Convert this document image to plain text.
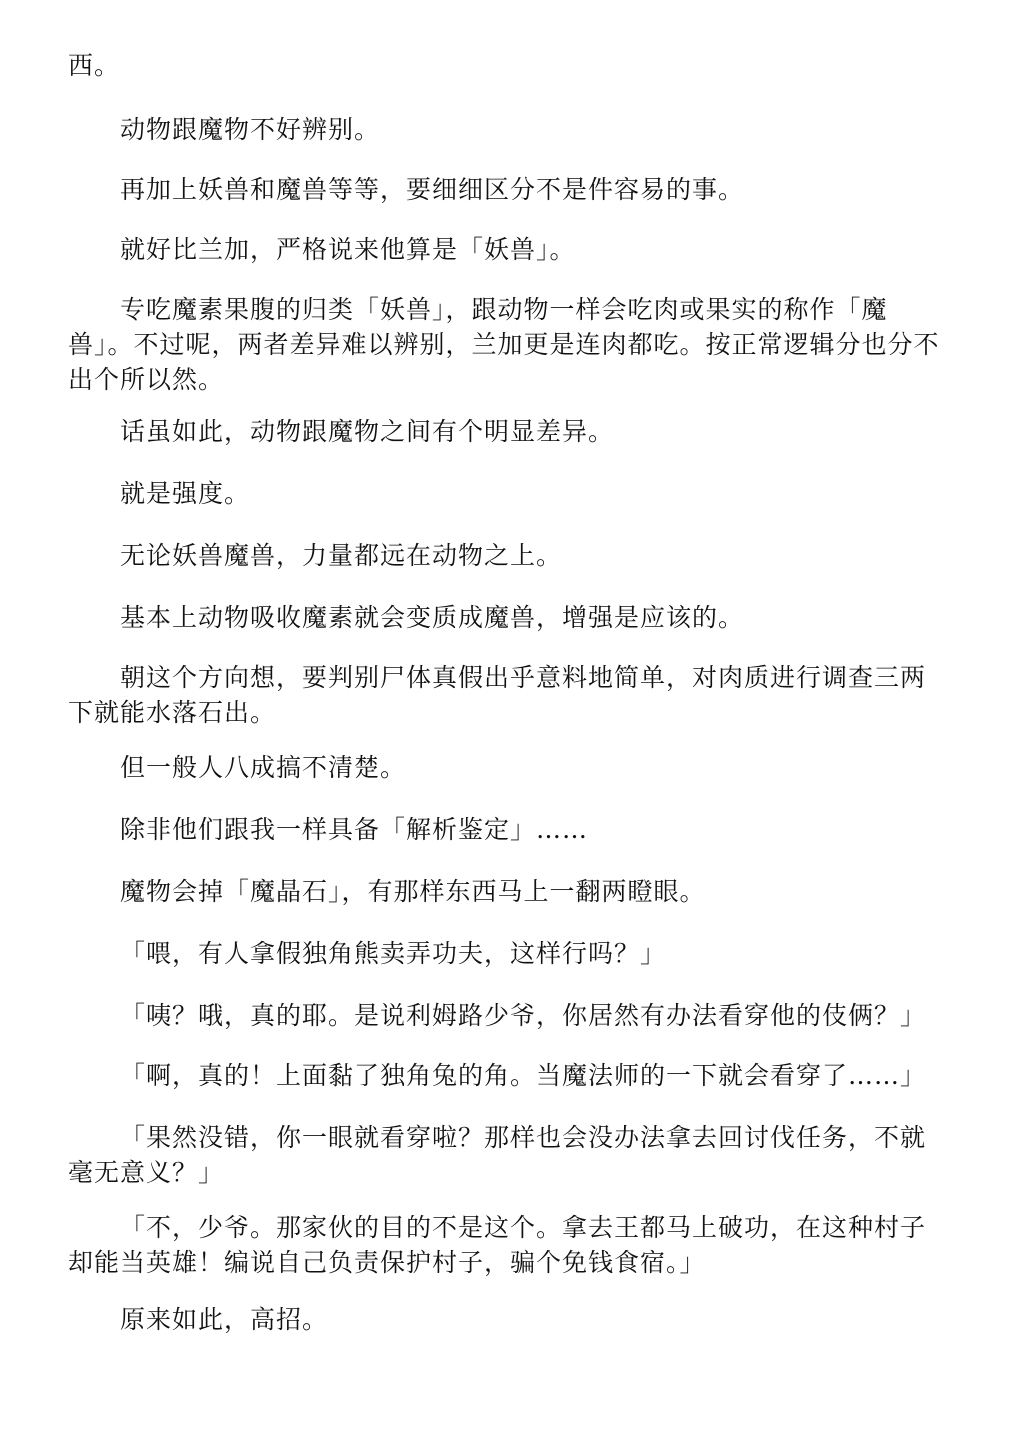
西。

动物跟魔物不好辨别。

再加上妖兽和魔兽等等，要细细区分不是件容易的事。

就好比兰加，严格说来他算是「妖兽」。

专吃魔素果腹的归类「妖兽」，跟动物一样会吃肉或果实的称作「魔兽」。不过呢，两者差异难以辨别，兰加更是连肉都吃。按正常逻辑分也分不出个所以然。

话虽如此，动物跟魔物之间有个明显差异。

就是强度。

无论妖兽魔兽，力量都远在动物之上。

基本上动物吸收魔素就会变质成魔兽，增强是应该的。

朝这个方向想，要判别尸体真假出乎意料地简单，对肉质进行调查三两下就能水落石出。

但一般人八成搞不清楚。

除非他们跟我一样具备「解析鉴定」……

魔物会掉「魔晶石」，有那样东西马上一翻两瞪眼。

「喂，有人拿假独角熊卖弄功夫，这样行吗？」

「咦？哦，真的耶。是说利姆路少爷，你居然有办法看穿他的伎俩？」

「啊，真的！上面黏了独角兔的角。当魔法师的一下就会看穿了……」

「果然没错，你一眼就看穿啦？那样也会没办法拿去回讨伐任务，不就毫无意义？」

「不，少爷。那家伙的目的不是这个。拿去王都马上破功，在这种村子却能当英雄！编说自己负责保护村子，骗个免钱食宿。」

原来如此，高招。
